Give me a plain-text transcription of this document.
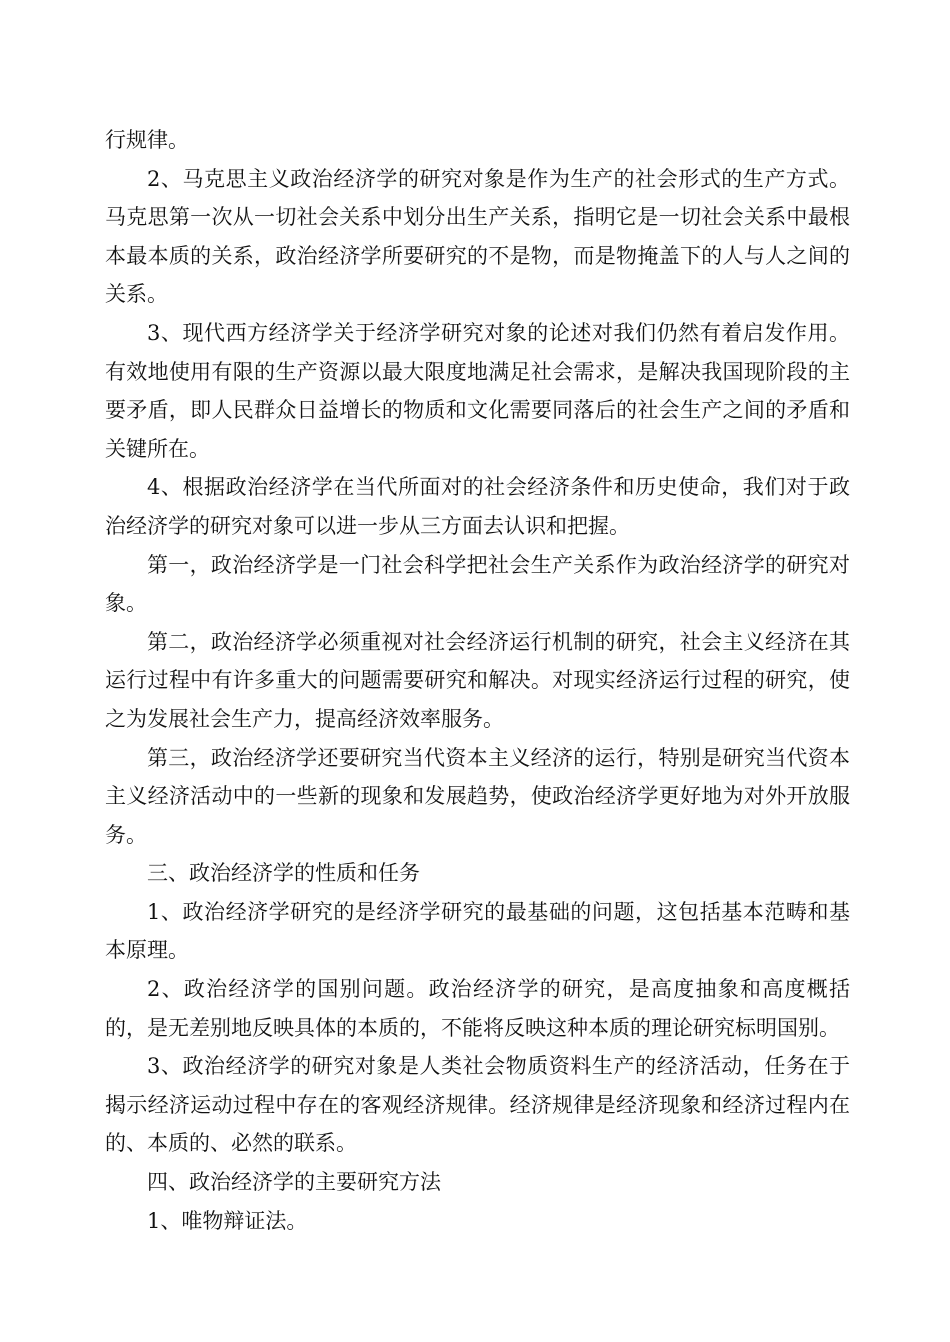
行规律。

2、马克思主义政治经济学的研究对象是作为生产的社会形式的生产方式。马克思第一次从一切社会关系中划分出生产关系，指明它是一切社会关系中最根本最本质的关系，政治经济学所要研究的不是物，而是物掩盖下的人与人之间的关系。

3、现代西方经济学关于经济学研究对象的论述对我们仍然有着启发作用。有效地使用有限的生产资源以最大限度地满足社会需求，是解决我国现阶段的主要矛盾，即人民群众日益增长的物质和文化需要同落后的社会生产之间的矛盾和关键所在。

4、根据政治经济学在当代所面对的社会经济条件和历史使命，我们对于政治经济学的研究对象可以进一步从三方面去认识和把握。

第一，政治经济学是一门社会科学把社会生产关系作为政治经济学的研究对象。

第二，政治经济学必须重视对社会经济运行机制的研究，社会主义经济在其运行过程中有许多重大的问题需要研究和解决。对现实经济运行过程的研究，使之为发展社会生产力，提高经济效率服务。

第三，政治经济学还要研究当代资本主义经济的运行，特别是研究当代资本主义经济活动中的一些新的现象和发展趋势，使政治经济学更好地为对外开放服务。

三、政治经济学的性质和任务

1、政治经济学研究的是经济学研究的最基础的问题，这包括基本范畴和基本原理。

2、政治经济学的国别问题。政治经济学的研究，是高度抽象和高度概括的，是无差别地反映具体的本质的，不能将反映这种本质的理论研究标明国别。

3、政治经济学的研究对象是人类社会物质资料生产的经济活动，任务在于揭示经济运动过程中存在的客观经济规律。经济规律是经济现象和经济过程内在的、本质的、必然的联系。

四、政治经济学的主要研究方法

1、唯物辩证法。
